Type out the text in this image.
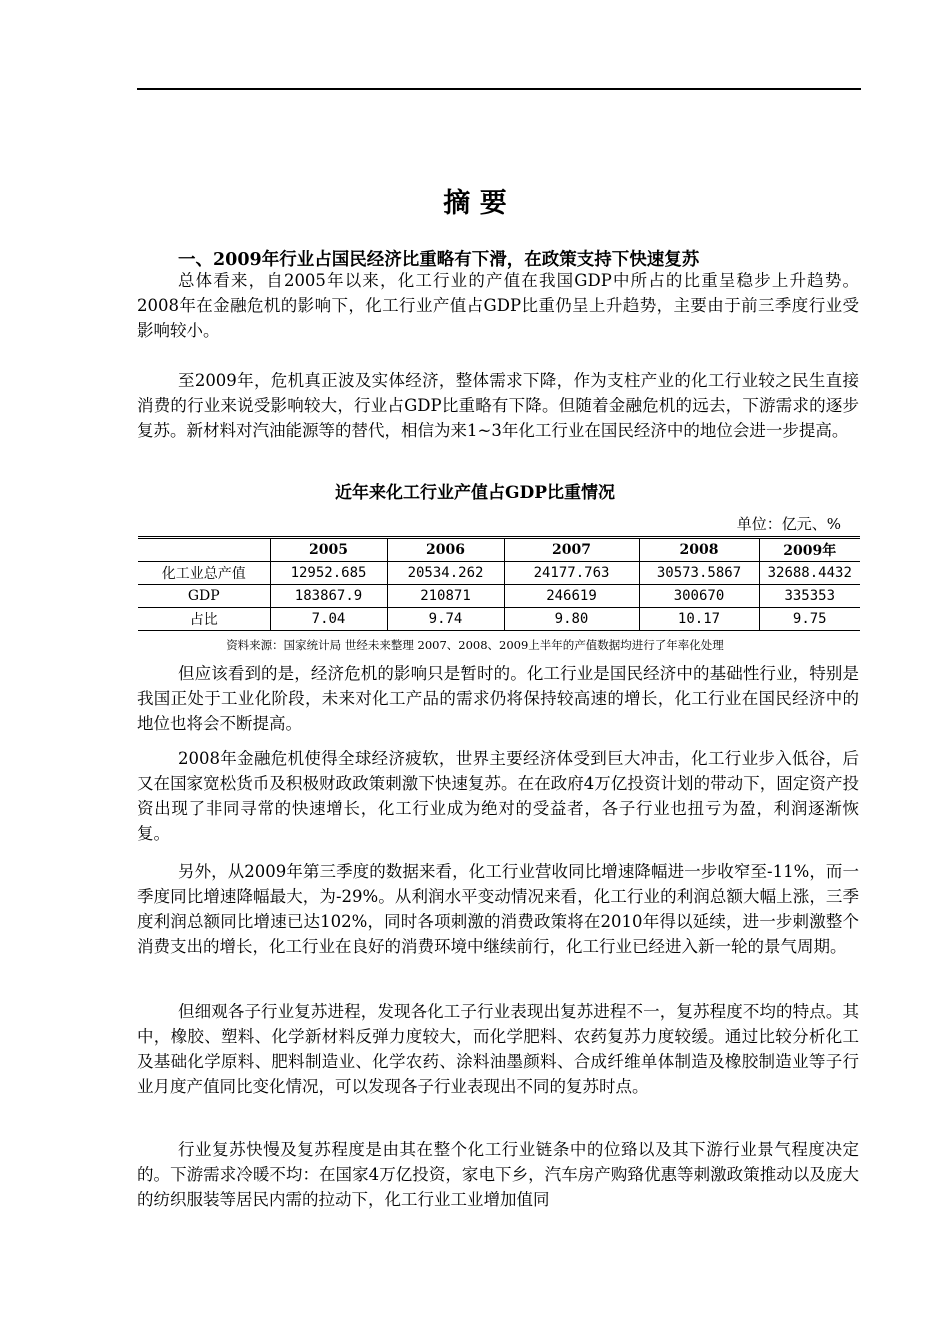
摘 要
一、2009年行业占国民经济比重略有下滑，在政策支持下快速复苏

总体看来，自2005年以来，化工行业的产值在我国GDP中所占的比重呈稳步上升趋势。2008年在金融危机的影响下，化工行业产值占GDP比重仍呈上升趋势，主要由于前三季度行业受影响较小。

至2009年，危机真正波及实体经济，整体需求下降，作为支柱产业的化工行业较之民生直接消费的行业来说受影响较大，行业占GDP比重略有下降。但随着金融危机的远去，下游需求的逐步复苏。新材料对汽油能源等的替代，相信为来1~3年化工行业在国民经济中的地位会进一步提高。

近年来化工行业产值占GDP比重情况
单位：亿元、%
	2005	2006	2007	2008	2009年
化工业总产值	12952.685	20534.262	24177.763	30573.5867	32688.4432
GDP	183867.9	210871	246619	300670	335353
占比	7.04	9.74	9.80	10.17	9.75
资料来源：国家统计局 世经未来整理 2007、2008、2009上半年的产值数据均进行了年率化处理

但应该看到的是，经济危机的影响只是暂时的。化工行业是国民经济中的基础性行业，特别是我国正处于工业化阶段，未来对化工产品的需求仍将保持较高速的增长，化工行业在国民经济中的地位也将会不断提高。

2008年金融危机使得全球经济疲软，世界主要经济体受到巨大冲击，化工行业步入低谷，后又在国家宽松货币及积极财政政策刺激下快速复苏。在在政府4万亿投资计划的带动下，固定资产投资出现了非同寻常的快速增长，化工行业成为绝对的受益者，各子行业也扭亏为盈，利润逐渐恢复。

另外，从2009年第三季度的数据来看，化工行业营收同比增速降幅进一步收窄至-11%，而一季度同比增速降幅最大，为-29%。从利润水平变动情况来看，化工行业的利润总额大幅上涨，三季度利润总额同比增速已达102%，同时各项刺激的消费政策将在2010年得以延续，进一步刺激整个消费支出的增长，化工行业在良好的消费环境中继续前行，化工行业已经进入新一轮的景气周期。

但细观各子行业复苏进程，发现各化工子行业表现出复苏进程不一，复苏程度不均的特点。其中，橡胶、塑料、化学新材料反弹力度较大，而化学肥料、农药复苏力度较缓。通过比较分析化工及基础化学原料、肥料制造业、化学农药、涂料油墨颜料、合成纤维单体制造及橡胶制造业等子行业月度产值同比变化情况，可以发现各子行业表现出不同的复苏时点。

行业复苏快慢及复苏程度是由其在整个化工行业链条中的位臵以及其下游行业景气程度决定的。下游需求冷暖不均：在国家4万亿投资，家电下乡，汽车房产购臵优惠等刺激政策推动以及庞大的纺织服装等居民内需的拉动下，化工行业工业增加值同
